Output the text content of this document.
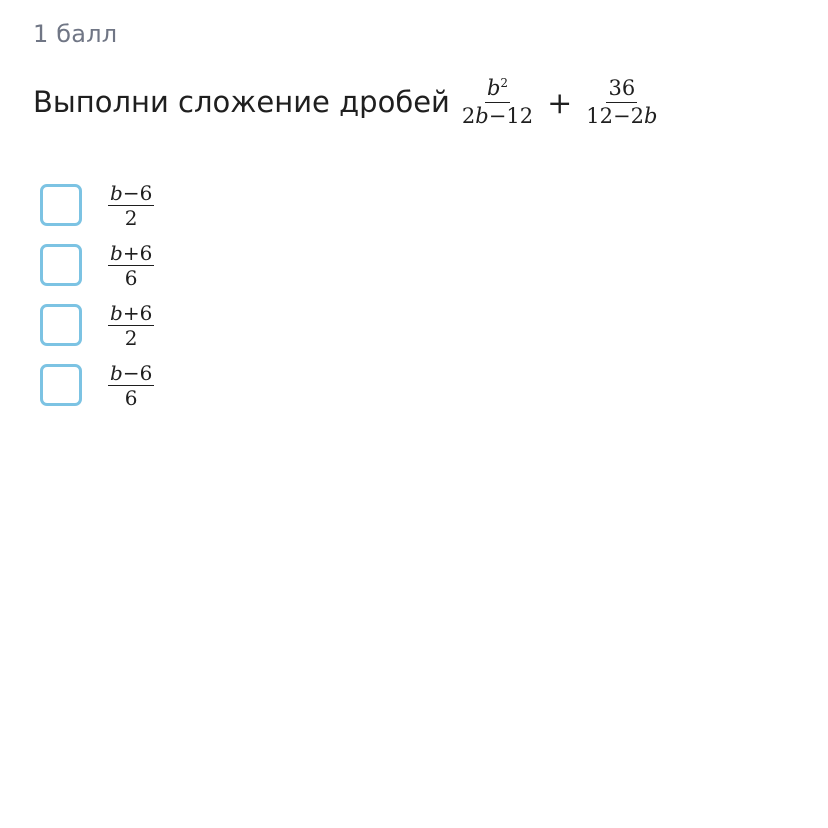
1 балл
Выполни сложение дробей $\frac{b^2}{2b-12} + \frac{36}{12-2b}$
$\frac{b-6}{2}$
$\frac{b+6}{6}$
$\frac{b+6}{2}$
$\frac{b-6}{6}$
